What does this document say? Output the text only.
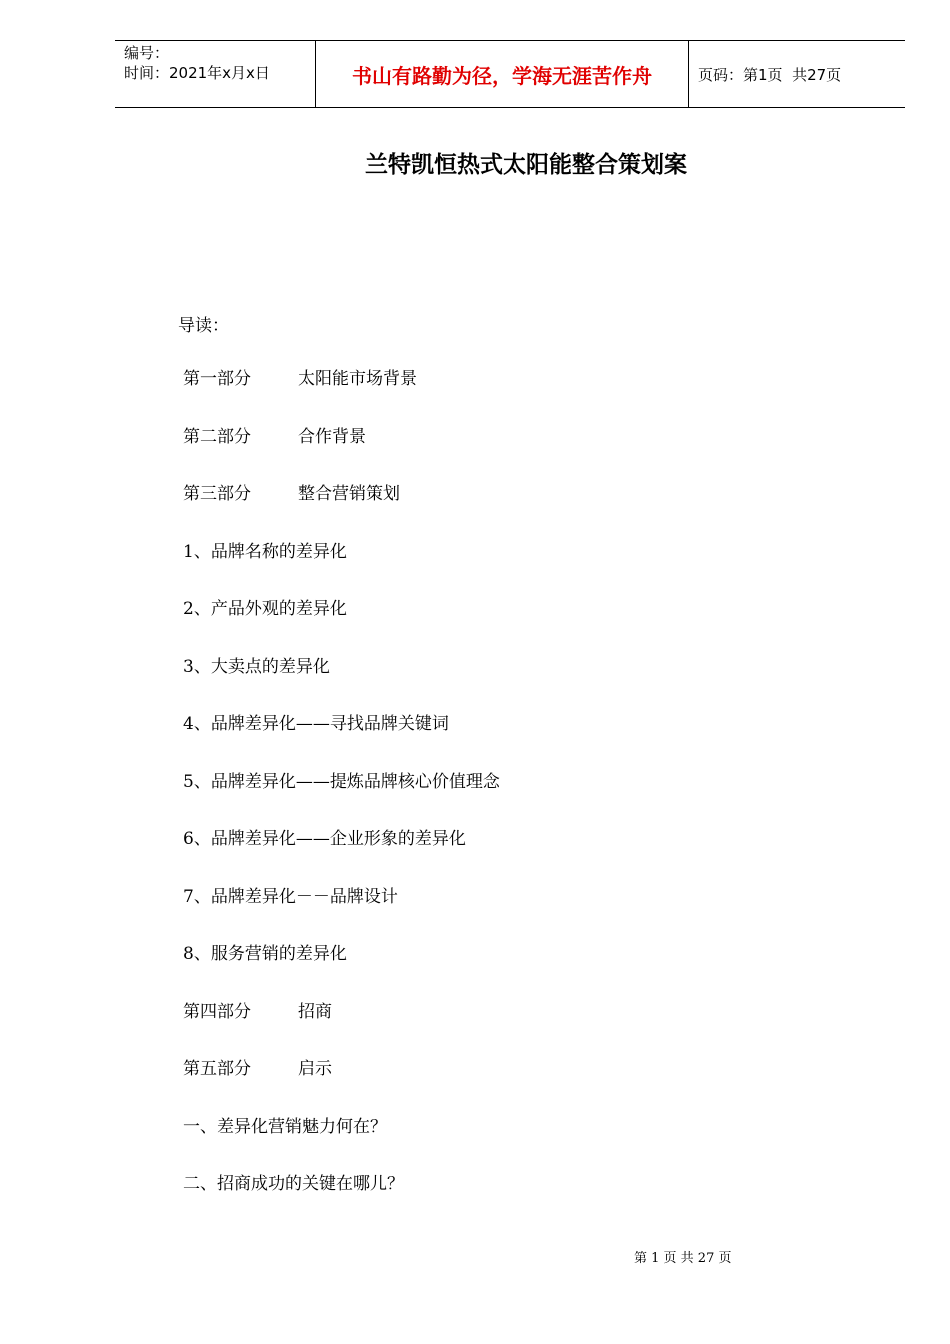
编号：
时间：2021年x月x日	书山有路勤为径，学海无涯苦作舟	页码：第1页  共27页
兰特凯恒热式太阳能整合策划案
导读：
第一部分	太阳能市场背景
第二部分	合作背景
第三部分	整合营销策划
1、品牌名称的差异化
2、产品外观的差异化
3、大卖点的差异化
4、品牌差异化——寻找品牌关键词
5、品牌差异化——提炼品牌核心价值理念
6、品牌差异化——企业形象的差异化
7、品牌差异化－－品牌设计
8、服务营销的差异化
第四部分	招商
第五部分	启示
一、差异化营销魅力何在？
二、招商成功的关键在哪儿？
第 1 页 共 27 页
